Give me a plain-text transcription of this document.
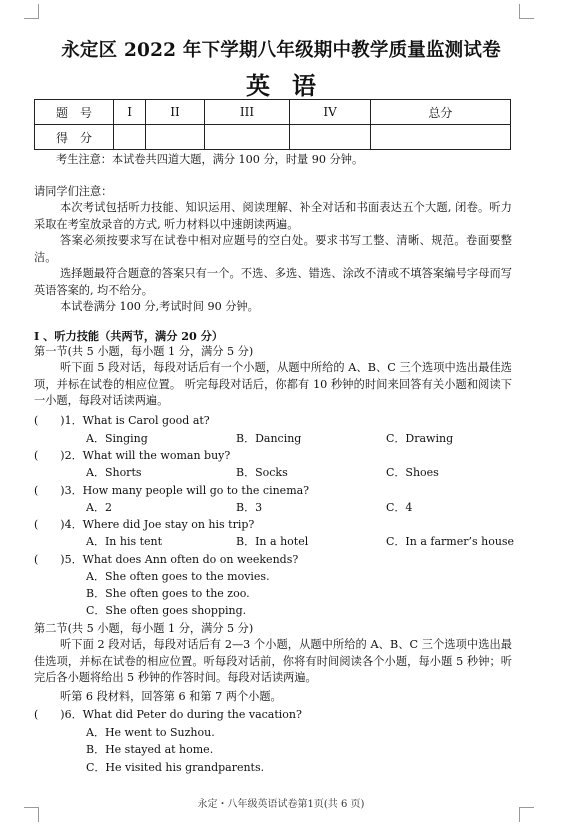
永定区 2022 年下学期八年级期中教学质量监测试卷
英语
题　号	I	II	III	IV	总分
得　分					
考生注意：本试卷共四道大题，满分 100 分，时量 90 分钟。
请同学们注意：
本次考试包括听力技能、知识运用、阅读理解、补全对话和书面表达五个大题, 闭卷。听力采取在考室放录音的方式, 听力材料以中速朗读两遍。
答案必须按要求写在试卷中相对应题号的空白处。要求书写工整、清晰、规范。卷面要整洁。
选择题最符合题意的答案只有一个。不选、多选、错选、涂改不清或不填答案编号字母而写英语答案的, 均不给分。
本试卷满分 100 分,考试时间 90 分钟。
Ⅰ 、听力技能（共两节，满分 20 分）
第一节(共 5 小题，每小题 1 分，满分 5 分)
听下面 5 段对话，每段对话后有一个小题，从题中所给的 A、B、C 三个选项中选出最佳选项，并标在试卷的相应位置。 听完每段对话后，你都有 10 秒钟的时间来回答有关小题和阅读下一小题，每段对话读两遍。
(　　)1．What is Carol good at?
A．Singing	B．Dancing	C．Drawing
(　　)2．What will the woman buy?
A．Shorts	B．Socks	C．Shoes
(　　)3．How many people will go to the cinema?
A．2	B．3	C．4
(　　)4．Where did Joe stay on his trip?
A．In his tent	B．In a hotel	C．In a farmer’s house
(　　)5．What does Ann often do on weekends?
A．She often goes to the movies.
B．She often goes to the zoo.
C．She often goes shopping.
第二节(共 5 小题，每小题 1 分，满分 5 分)
听下面 2 段对话，每段对话后有 2—3 个小题，从题中所给的 A、B、C 三个选项中选出最佳选项，并标在试卷的相应位置。听每段对话前，你将有时间阅读各个小题，每小题 5 秒钟；听完后各小题将给出 5 秒钟的作答时间。每段对话读两遍。
听第 6 段材料，回答第 6 和第 7 两个小题。
(　　)6．What did Peter do during the vacation?
A．He went to Suzhou.
B．He stayed at home.
C．He visited his grandparents.
永定・八年级英语试卷第1页(共 6 页)
